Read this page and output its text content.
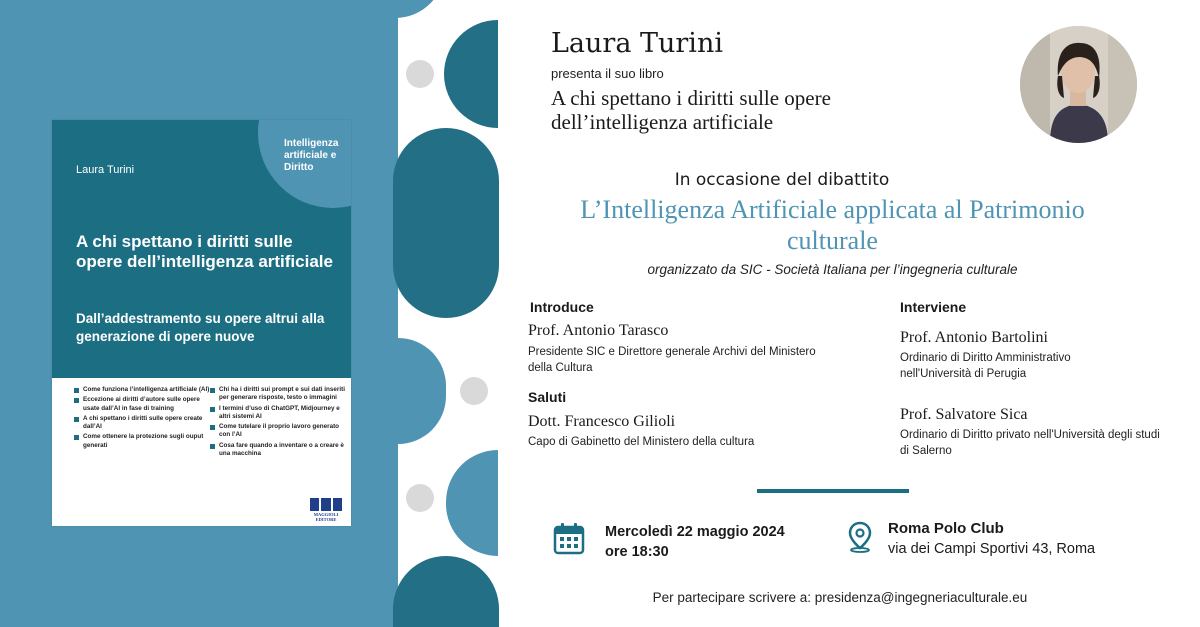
Intelligenza artificiale e Diritto
Laura Turini
A chi spettano i diritti sulle opere dell’intelligenza artificiale
Dall’addestramento su opere altrui alla generazione di opere nuove
Come funziona l’intelligenza artificiale (AI)
Eccezione ai diritti d’autore sulle opere usate dall’AI in fase di training
A chi spettano i diritti sulle opere create dall’AI
Come ottenere la protezione sugli ouput generati
Chi ha i diritti sui prompt e sui dati inseriti per generare risposte, testo o immagini
I termini d’uso di ChatGPT, Midjourney e altri sistemi AI
Come tutelare il proprio lavoro generato con l’AI
Cosa fare quando a inventare o a creare è una macchina
MAGGIOLI EDITORE
Laura Turini
presenta il suo libro
A chi spettano i diritti sulle opere dell’intelligenza artificiale
In occasione del dibattito
L’Intelligenza Artificiale applicata al Patrimonio culturale
organizzato da SIC - Società Italiana per l’ingegneria culturale
Introduce
Prof. Antonio Tarasco
Presidente SIC e Direttore generale Archivi del Ministero della Cultura
Saluti
Dott. Francesco Gilioli
Capo di Gabinetto del Ministero della cultura
Interviene
Prof. Antonio Bartolini
Ordinario di Diritto Amministrativo nell'Università di Perugia
Prof. Salvatore Sica
Ordinario di Diritto privato nell'Università degli studi di Salerno
Mercoledì 22 maggio 2024
ore 18:30
Roma Polo Club
via dei Campi Sportivi 43, Roma
Per partecipare scrivere a: presidenza@ingegneriaculturale.eu
